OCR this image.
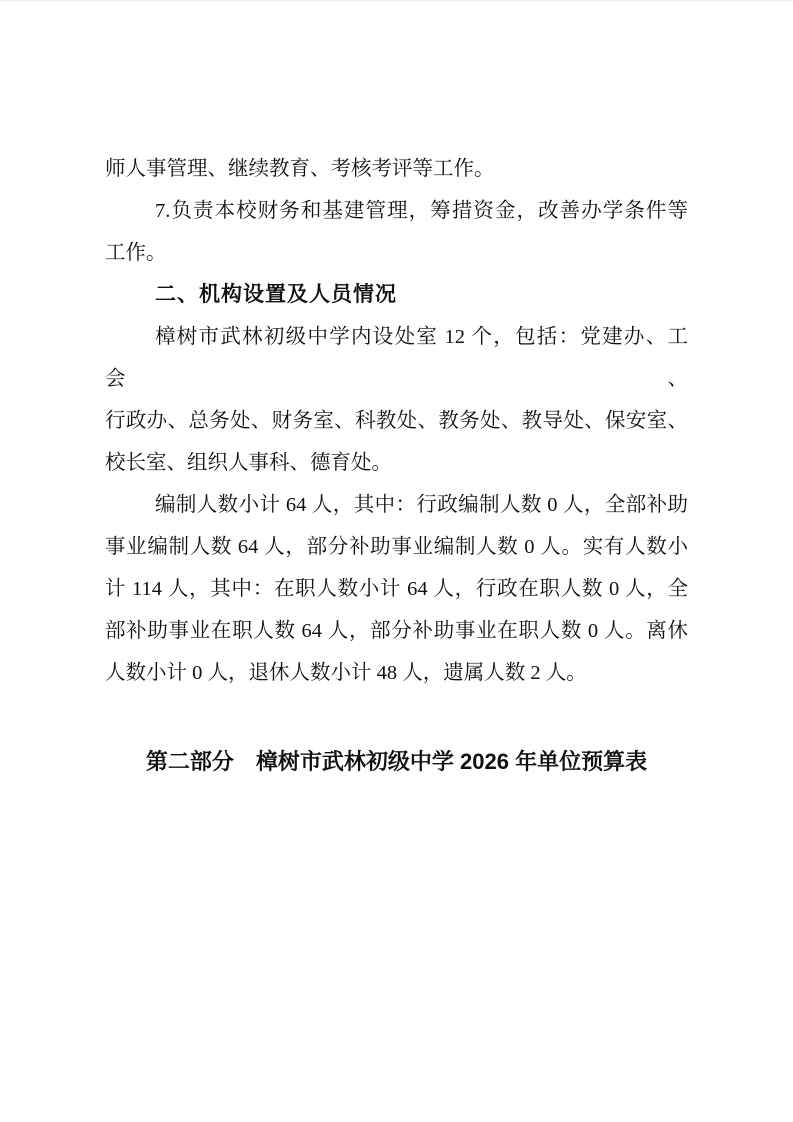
师人事管理、继续教育、考核考评等工作。
7.负责本校财务和基建管理，筹措资金，改善办学条件等
工作。
二、机构设置及人员情况
樟树市武林初级中学内设处室 12 个，包括：党建办、工会、
行政办、总务处、财务室、科教处、教务处、教导处、保安室、
校长室、组织人事科、德育处。
编制人数小计 64 人，其中：行政编制人数 0 人，全部补助
事业编制人数 64 人，部分补助事业编制人数 0 人。实有人数小
计 114 人，其中：在职人数小计 64 人，行政在职人数 0 人，全
部补助事业在职人数 64 人，部分补助事业在职人数 0 人。离休
人数小计 0 人，退休人数小计 48 人，遗属人数 2 人。
第二部分　樟树市武林初级中学 2026 年单位预算表
